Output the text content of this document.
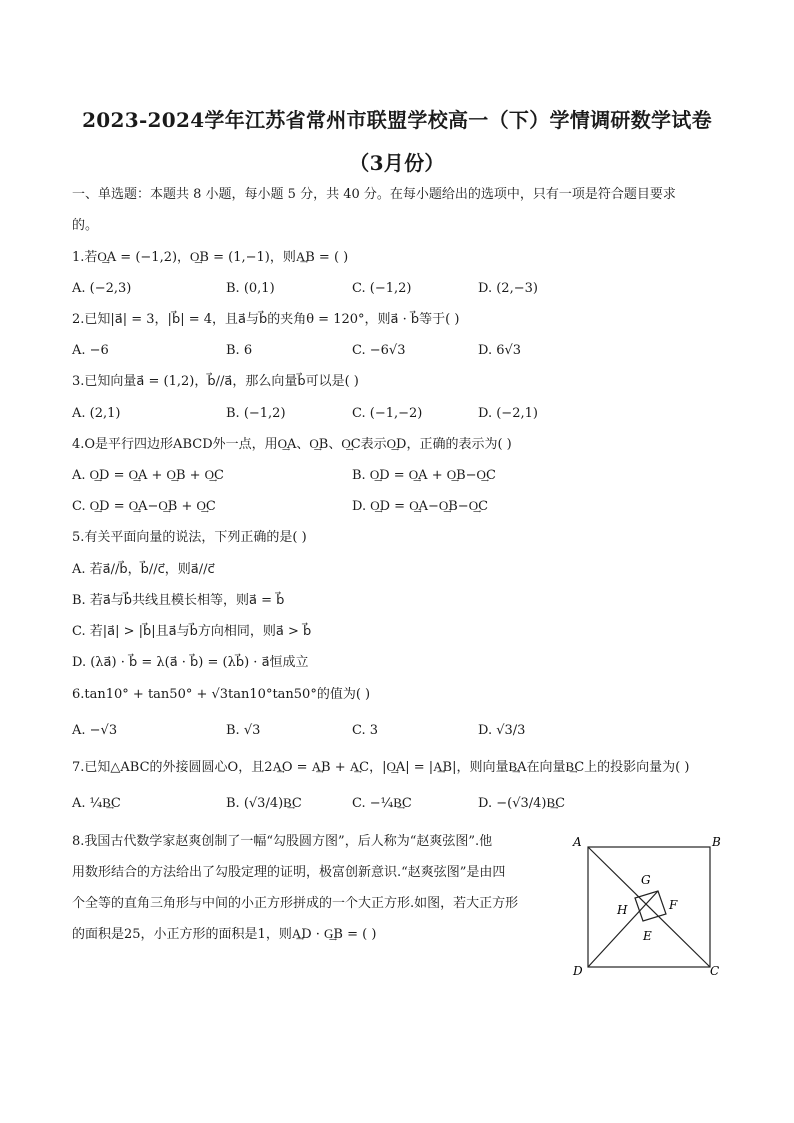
2023-2024学年江苏省常州市联盟学校高一（下）学情调研数学试卷
（3月份）
一、单选题：本题共 8 小题，每小题 5 分，共 40 分。在每小题给出的选项中，只有一项是符合题目要求
的。
1.若O͢A = (−1,2)，O͢B = (1,−1)，则A͢B = ( )
A. (−2,3)	B. (0,1)	C. (−1,2)	D. (2,−3)
2.已知|a⃗| = 3，|b⃗| = 4，且a⃗与b⃗的夹角θ = 120°，则a⃗ · b⃗等于( )
A. −6	B. 6	C. −6√3	D. 6√3
3.已知向量a⃗ = (1,2)，b⃗//a⃗，那么向量b⃗可以是( )
A. (2,1)	B. (−1,2)	C. (−1,−2)	D. (−2,1)
4.O是平行四边形ABCD外一点，用O͢A、O͢B、O͢C表示O͢D，正确的表示为( )
A. O͢D = O͢A + O͢B + O͢C	B. O͢D = O͢A + O͢B−O͢C
C. O͢D = O͢A−O͢B + O͢C	D. O͢D = O͢A−O͢B−O͢C
5.有关平面向量的说法，下列正确的是( )
A. 若a⃗//b⃗，b⃗//c⃗，则a⃗//c⃗
B. 若a⃗与b⃗共线且模长相等，则a⃗ = b⃗
C. 若|a⃗| > |b⃗|且a⃗与b⃗方向相同，则a⃗ > b⃗
D. (λa⃗) · b⃗ = λ(a⃗ · b⃗) = (λb⃗) · a⃗恒成立
6.tan10° + tan50° + √3tan10°tan50°的值为( )
A. −√3	B. √3	C. 3	D. √3/3
7.已知△ABC的外接圆圆心O，且2A͢O = A͢B + A͢C，|O͢A| = |A͢B|，则向量B͢A在向量B͢C上的投影向量为( )
A. ¼B͢C	B. (√3/4)B͢C	C. −¼B͢C	D. −(√3/4)B͢C
8.我国古代数学家赵爽创制了一幅“勾股圆方图”，后人称为“赵爽弦图”.他
用数形结合的方法给出了勾股定理的证明，极富创新意识.“赵爽弦图”是由四
个全等的直角三角形与中间的小正方形拼成的一个大正方形.如图，若大正方形
的面积是25，小正方形的面积是1，则A͢D · G͢B = ( )
A	B
C
D
E
F
G
H
